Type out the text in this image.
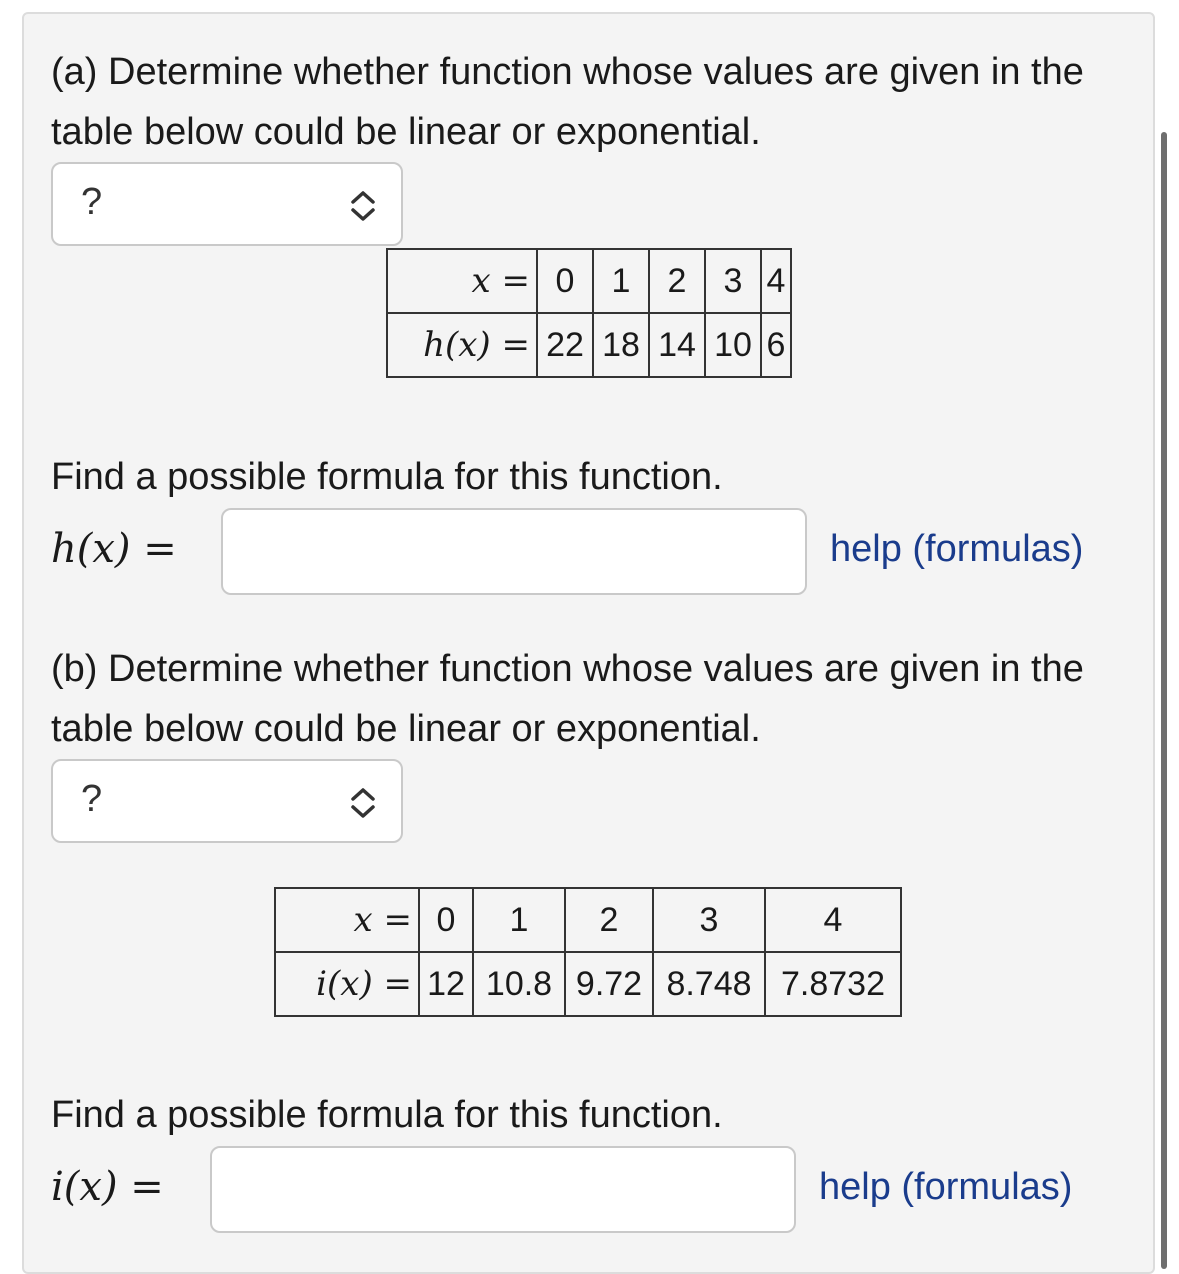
(a) Determine whether function whose values are given in the table below could be linear or exponential.

?
x =	0	1	2	3	4
h(x) =	22	18	14	10	6

Find a possible formula for this function.

h(x) =	help (formulas)

(b) Determine whether function whose values are given in the table below could be linear or exponential.

?
x =	0	1	2	3	4
i(x) =	12	10.8	9.72	8.748	7.8732

Find a possible formula for this function.

i(x) =	help (formulas)
